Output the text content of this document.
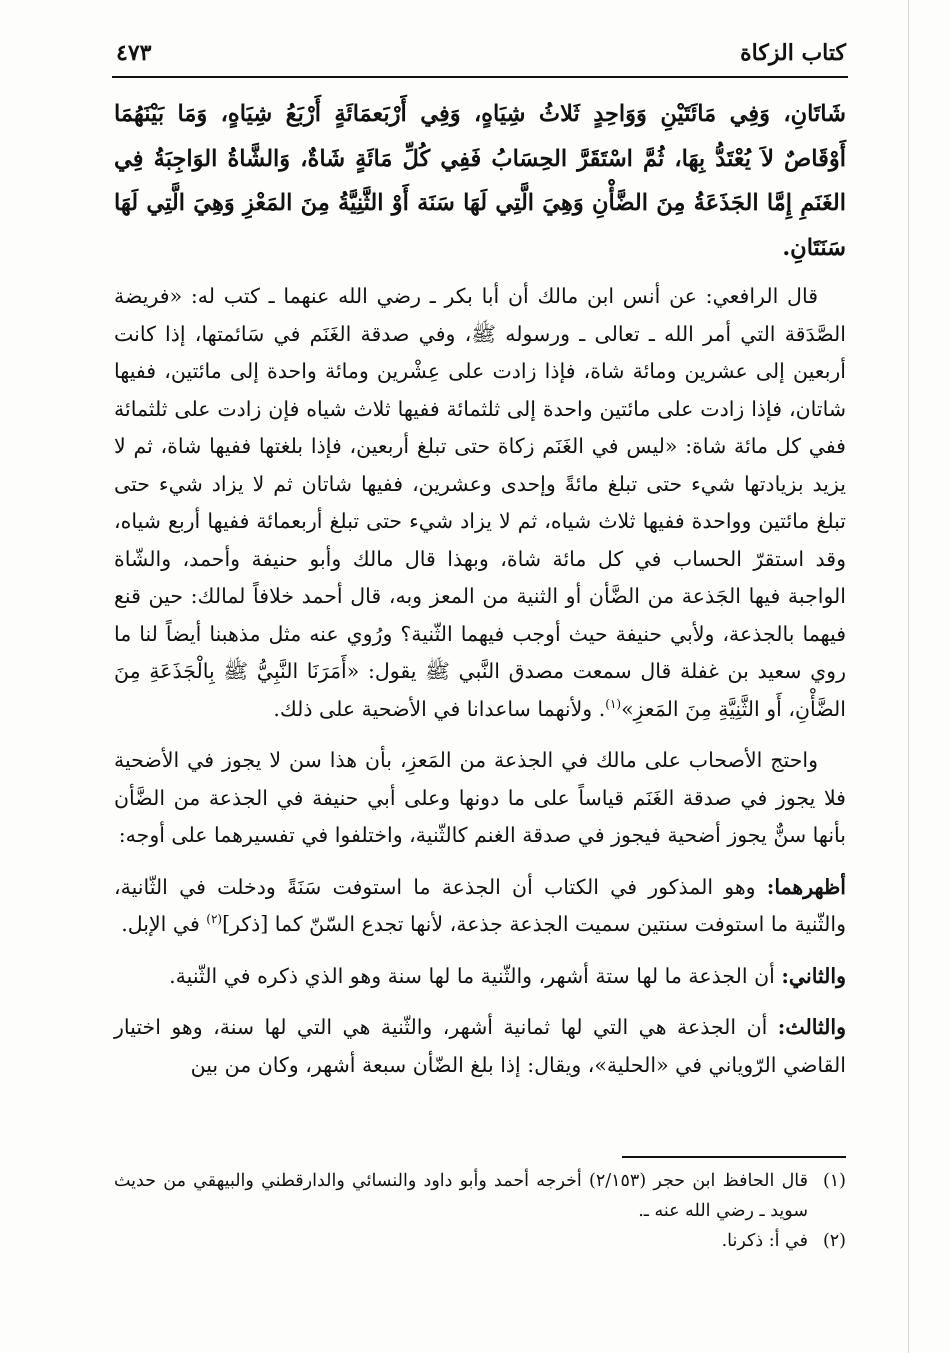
كتاب الزكاة
٤٧٣

شَاتَانِ، وَفِي مَائَتَيْنِ وَوَاحِدٍ ثَلاثُ شِيَاهٍ، وَفِي أَرْبَعمَائَةٍ أَرْبَعُ شِيَاهٍ، وَمَا بَيْنَهُمَا أَوْقَاصٌ لاَ يُعْتَدُّ بِهَا، ثُمَّ اسْتَقَرَّ الحِسَابُ فَفِي كُلِّ مَائَةٍ شَاةٌ، وَالشَّاةُ الوَاجِبَةُ فِي الغَنَمِ إِمَّا الجَذَعَةُ مِنَ الضَّأْنِ وَهِيَ الَّتِي لَهَا سَنَة أَوْ الثَّنِيَّةُ مِنَ المَعْزِ وَهِيَ الَّتِي لَهَا سَنَتَانِ.

قال الرافعي: عن أنس ابن مالك أن أبا بكر ـ رضي الله عنهما ـ كتب له: «فريضة الصَّدَقة التي أمر الله ـ تعالى ـ ورسوله ﷺ، وفي صدقة الغَنَم في سَائمتها، إذا كانت أربعين إلى عشرين ومائة شاة، فإذا زادت على عِشْرين ومائة واحدة إلى مائتين، ففيها شاتان، فإذا زادت على مائتين واحدة إلى ثلثمائة ففيها ثلاث شياه فإن زادت على ثلثمائة ففي كل مائة شاة: «ليس في الغَنَم زكاة حتى تبلغ أربعين، فإذا بلغتها ففيها شاة، ثم لا يزيد بزيادتها شيء حتى تبلغ مائةً وإحدى وعشرين، ففيها شاتان ثم لا يزاد شيء حتى تبلغ مائتين وواحدة ففيها ثلاث شياه، ثم لا يزاد شيء حتى تبلغ أربعمائة ففيها أربع شياه، وقد استقرّ الحساب في كل مائة شاة، وبهذا قال مالك وأبو حنيفة وأحمد، والشّاة الواجبة فيها الجَذعة من الضَّأن أو الثنية من المعز وبه، قال أحمد خلافاً لمالك: حين قنع فيهما بالجذعة، ولأبي حنيفة حيث أوجب فيهما الثّنية؟ ورُوي عنه مثل مذهبنا أيضاً لنا ما روي سعيد بن غفلة قال سمعت مصدق النَّبي ﷺ يقول: «أَمَرَنَا النَّبِيُّ ﷺ بِالْجَذَعَةِ مِنَ الضَّأْنِ، أَو الثَّنِيَّةِ مِنَ المَعزِ»$^{(١)}$. ولأنهما ساعدانا في الأضحية على ذلك.

واحتج الأصحاب على مالك في الجذعة من المَعزِ، بأن هذا سن لا يجوز في الأضحية فلا يجوز في صدقة الغَنَم قياساً على ما دونها وعلى أبي حنيفة في الجذعة من الضَّأن بأنها سنٌّ يجوز أضحية فيجوز في صدقة الغنم كالثّنية، واختلفوا في تفسيرهما على أوجه:

أظهرهما: وهو المذكور في الكتاب أن الجذعة ما استوفت سَنَةً ودخلت في الثّانية، والثّنية ما استوفت سنتين سميت الجذعة جذعة، لأنها تجدع السّنّ كما [ذكر]$^{(٢)}$ في الإبل.

والثاني: أن الجذعة ما لها ستة أشهر، والثّنية ما لها سنة وهو الذي ذكره في الثّنية.

والثالث: أن الجذعة هي التي لها ثمانية أشهر، والثّنية هي التي لها سنة، وهو اختيار القاضي الرّوياني في «الحلية»، ويقال: إذا بلغ الضّأن سبعة أشهر، وكان من بين

(١)
قال الحافظ ابن حجر (٢/١٥٣) أخرجه أحمد وأبو داود والنسائي والدارقطني والبيهقي من حديث سويد ـ رضي الله عنه ـ.
(٢)
في أ: ذكرنا.
